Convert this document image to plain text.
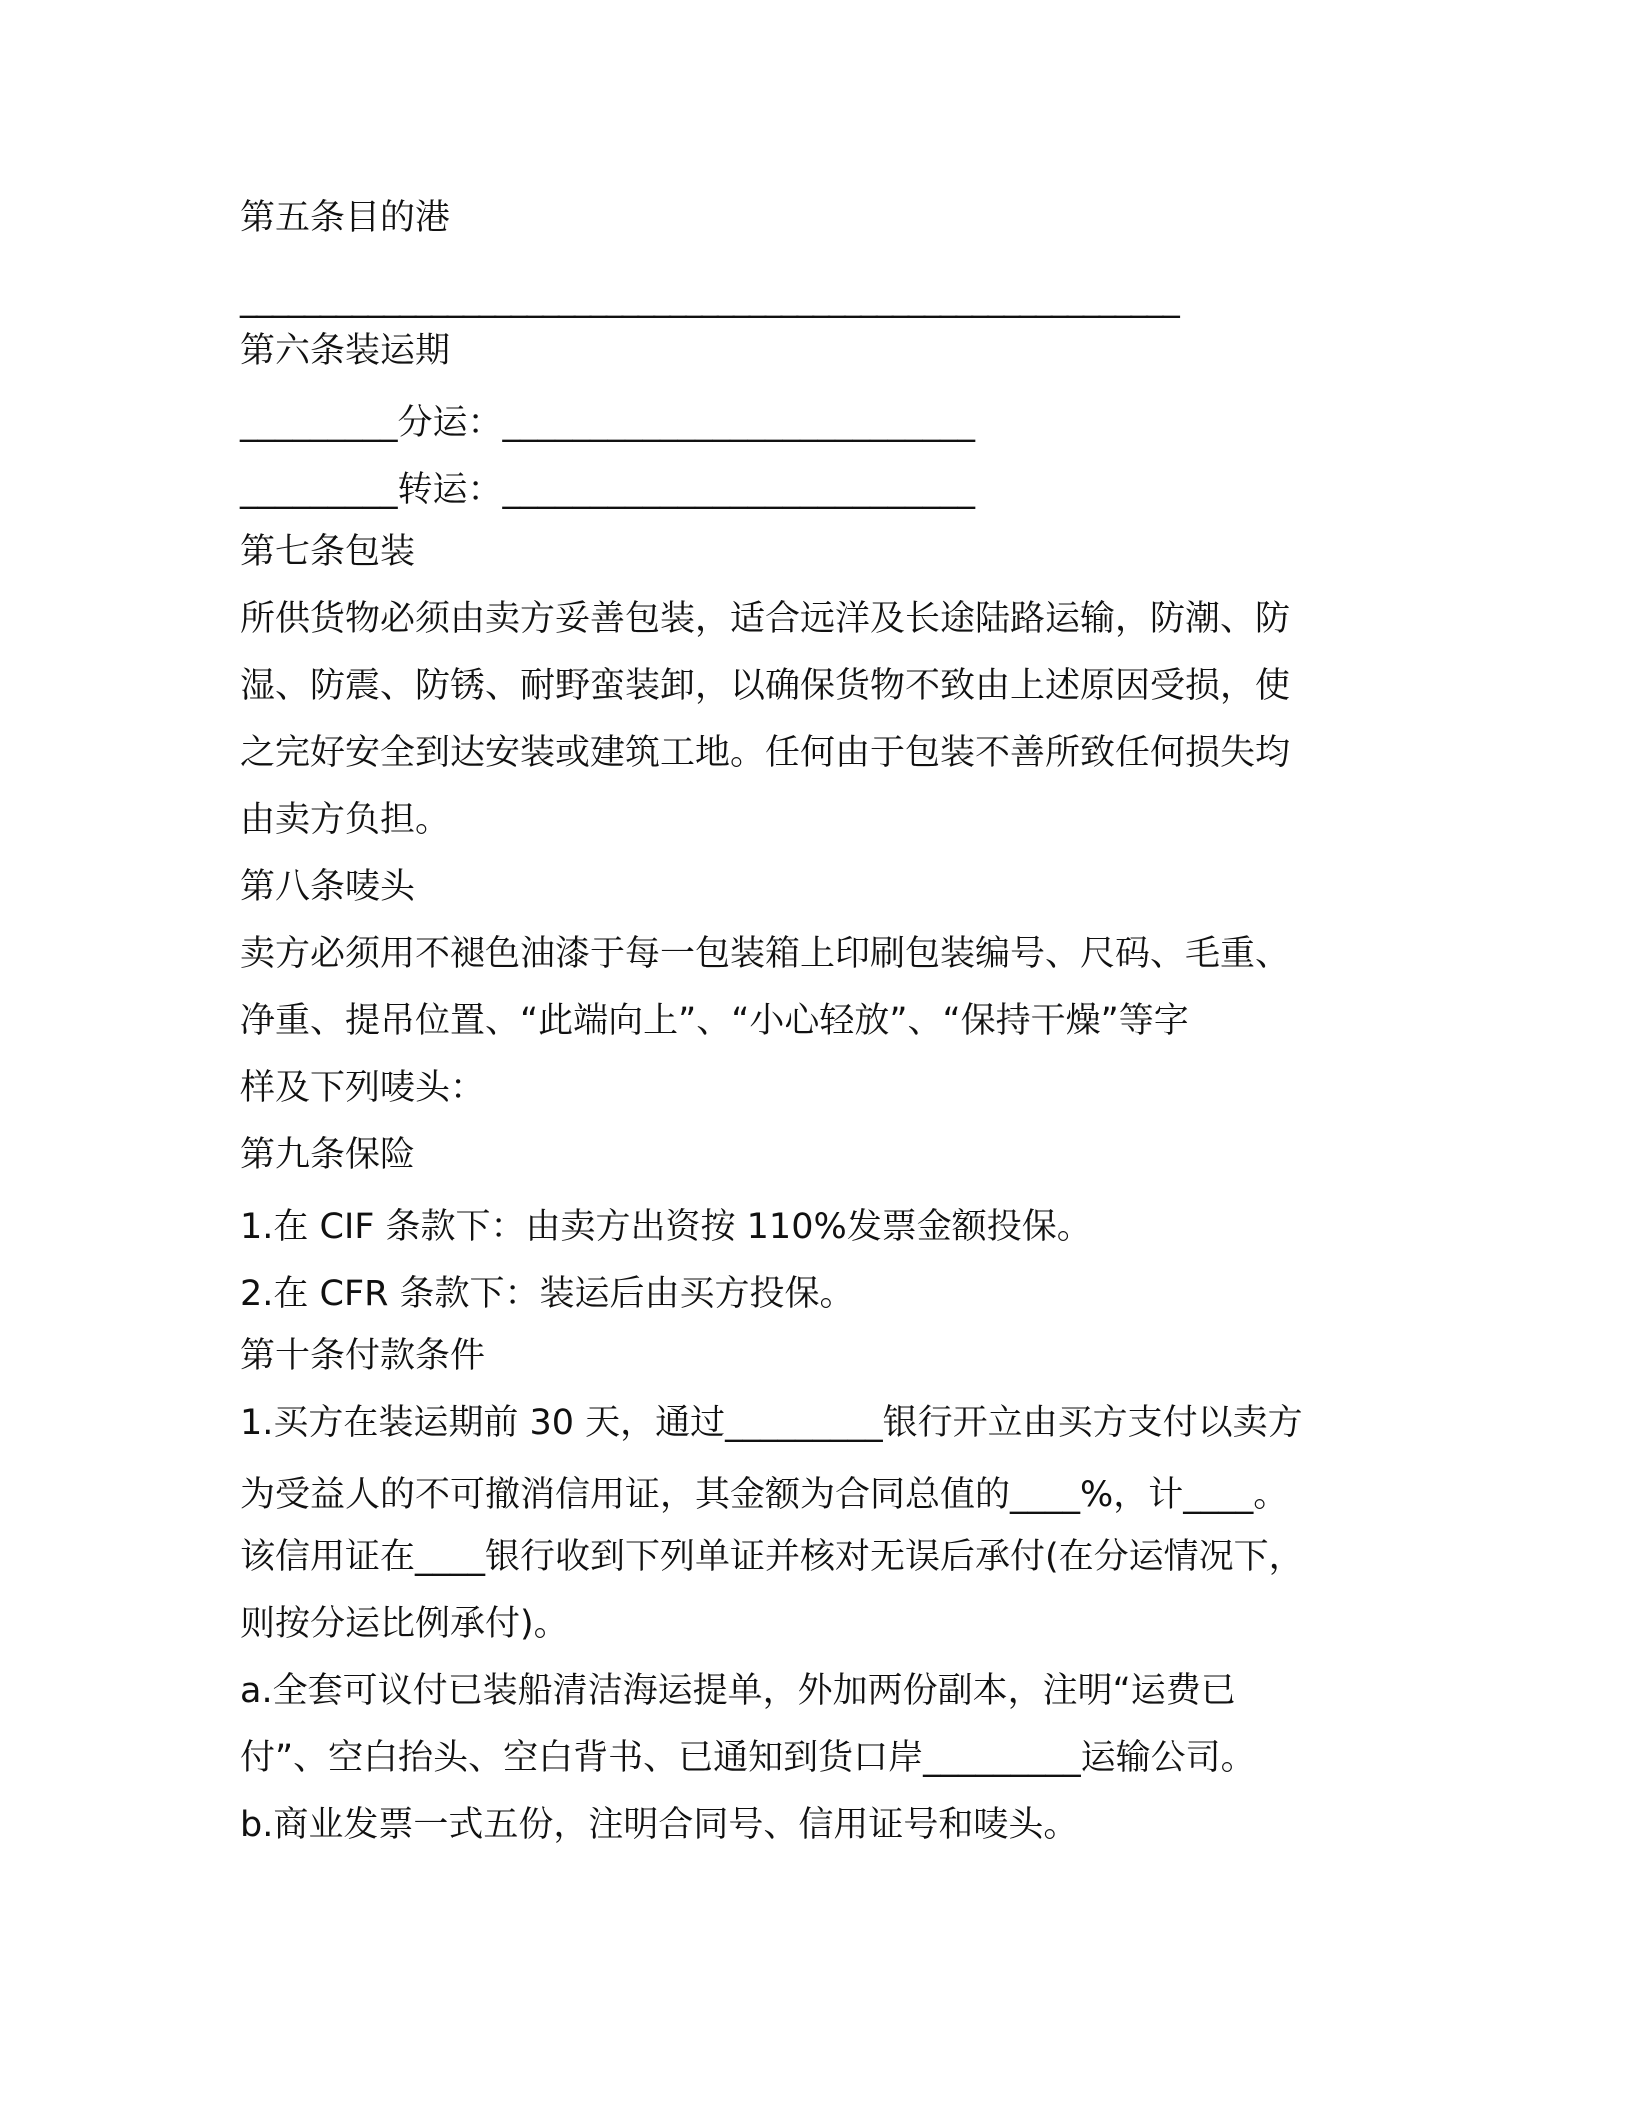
第五条目的港
___________________________________________________________
第六条装运期
_________分运：___________________________
_________转运：___________________________
第七条包装
所供货物必须由卖方妥善包装，适合远洋及长途陆路运输，防潮、防
湿、防震、防锈、耐野蛮装卸，以确保货物不致由上述原因受损，使
之完好安全到达安装或建筑工地。任何由于包装不善所致任何损失均
由卖方负担。
第八条唛头
卖方必须用不褪色油漆于每一包装箱上印刷包装编号、尺码、毛重、
净重、提吊位置、“此端向上”、“小心轻放”、“保持干燥”等字
样及下列唛头：
第九条保险
1.在 CIF 条款下：由卖方出资按 110%发票金额投保。
2.在 CFR 条款下：装运后由买方投保。
第十条付款条件
1.买方在装运期前 30 天，通过_________银行开立由买方支付以卖方
为受益人的不可撤消信用证，其金额为合同总值的____%，计____。
该信用证在____银行收到下列单证并核对无误后承付(在分运情况下，
则按分运比例承付)。
a.全套可议付已装船清洁海运提单，外加两份副本，注明“运费已
付”、空白抬头、空白背书、已通知到货口岸_________运输公司。
b.商业发票一式五份，注明合同号、信用证号和唛头。
